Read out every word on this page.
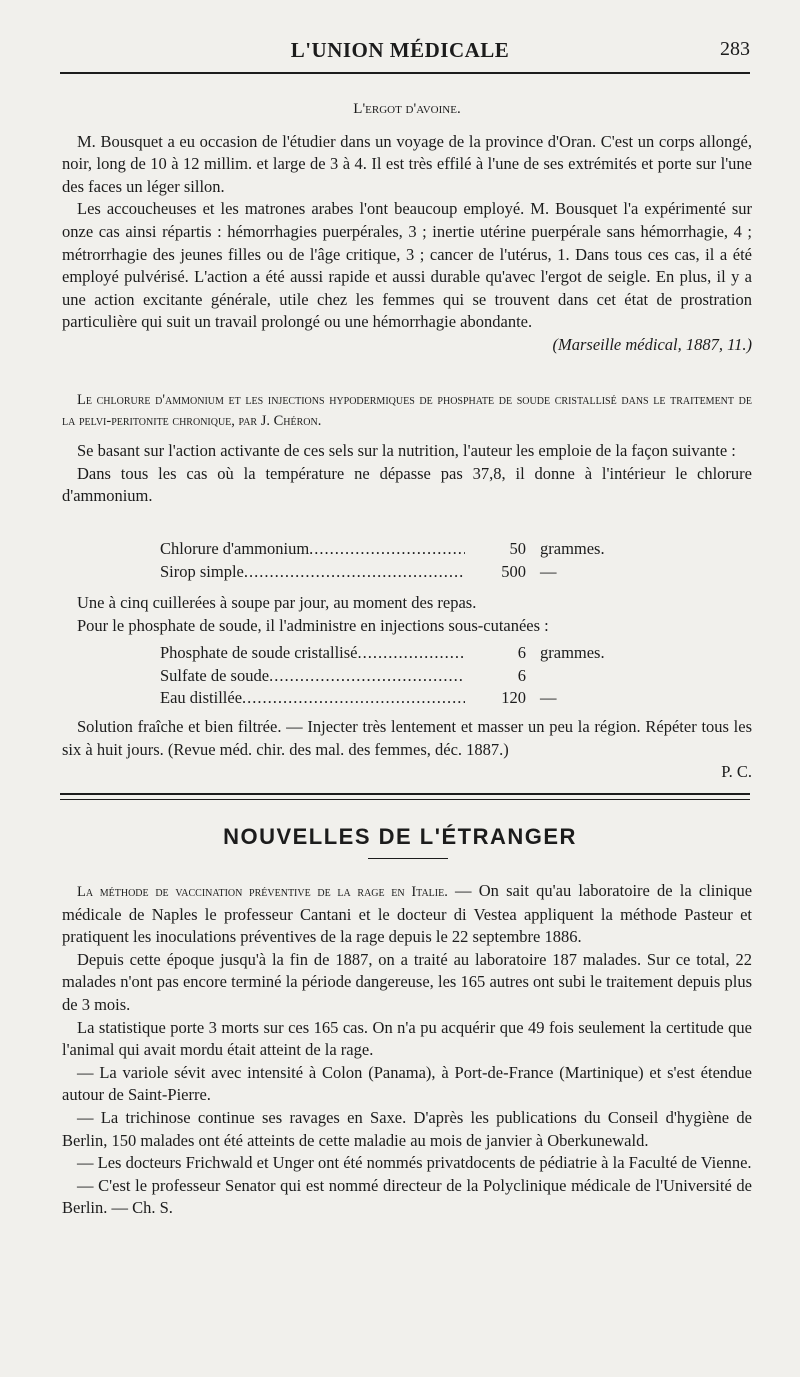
L'UNION MÉDICALE	283

L'ergot d'avoine.

M. Bousquet a eu occasion de l'étudier dans un voyage de la province d'Oran. C'est un corps allongé, noir, long de 10 à 12 millim. et large de 3 à 4. Il est très effilé à l'une de ses extrémités et porte sur l'une des faces un léger sillon.

Les accoucheuses et les matrones arabes l'ont beaucoup employé. M. Bousquet l'a expérimenté sur onze cas ainsi répartis : hémorrhagies puerpérales, 3 ; inertie utérine puerpérale sans hémorrhagie, 4 ; métrorrhagie des jeunes filles ou de l'âge critique, 3 ; cancer de l'utérus, 1. Dans tous ces cas, il a été employé pulvérisé. L'action a été aussi rapide et aussi durable qu'avec l'ergot de seigle. En plus, il y a une action excitante générale, utile chez les femmes qui se trouvent dans cet état de prostration particulière qui suit un travail prolongé ou une hémorrhagie abondante.

(Marseille médical, 1887, 11.)

Le chlorure d'ammonium et les injections hypodermiques de phosphate de soude cristallisé dans le traitement de la pelvi-peritonite chronique, par J. Chéron.

Se basant sur l'action activante de ces sels sur la nutrition, l'auteur les emploie de la façon suivante :

Dans tous les cas où la température ne dépasse pas 37,8, il donne à l'intérieur le chlorure d'ammonium.

Chlorure d'ammonium .....	50 grammes.
Sirop simple .....	500 —

Une à cinq cuillerées à soupe par jour, au moment des repas.

Pour le phosphate de soude, il l'administre en injections sous-cutanées :

Phosphate de soude cristallisé .....	6 grammes.
Sulfate de soude .....	6
Eau distillée .....	120 —

Solution fraîche et bien filtrée. — Injecter très lentement et masser un peu la région. Répéter tous les six à huit jours. (Revue méd. chir. des mal. des femmes, déc. 1887.)

P. C.

NOUVELLES DE L'ÉTRANGER

La méthode de vaccination préventive de la rage en Italie. — On sait qu'au laboratoire de la clinique médicale de Naples le professeur Cantani et le docteur di Vestea appliquent la méthode Pasteur et pratiquent les inoculations préventives de la rage depuis le 22 septembre 1886.

Depuis cette époque jusqu'à la fin de 1887, on a traité au laboratoire 187 malades. Sur ce total, 22 malades n'ont pas encore terminé la période dangereuse, les 165 autres ont subi le traitement depuis plus de 3 mois.

La statistique porte 3 morts sur ces 165 cas. On n'a pu acquérir que 49 fois seulement la certitude que l'animal qui avait mordu était atteint de la rage.

— La variole sévit avec intensité à Colon (Panama), à Port-de-France (Martinique) et s'est étendue autour de Saint-Pierre.

— La trichinose continue ses ravages en Saxe. D'après les publications du Conseil d'hygiène de Berlin, 150 malades ont été atteints de cette maladie au mois de janvier à Oberkunewald.

— Les docteurs Frichwald et Unger ont été nommés privatdocents de pédiatrie à la Faculté de Vienne.

— C'est le professeur Senator qui est nommé directeur de la Polyclinique médicale de l'Université de Berlin. — Ch. S.
